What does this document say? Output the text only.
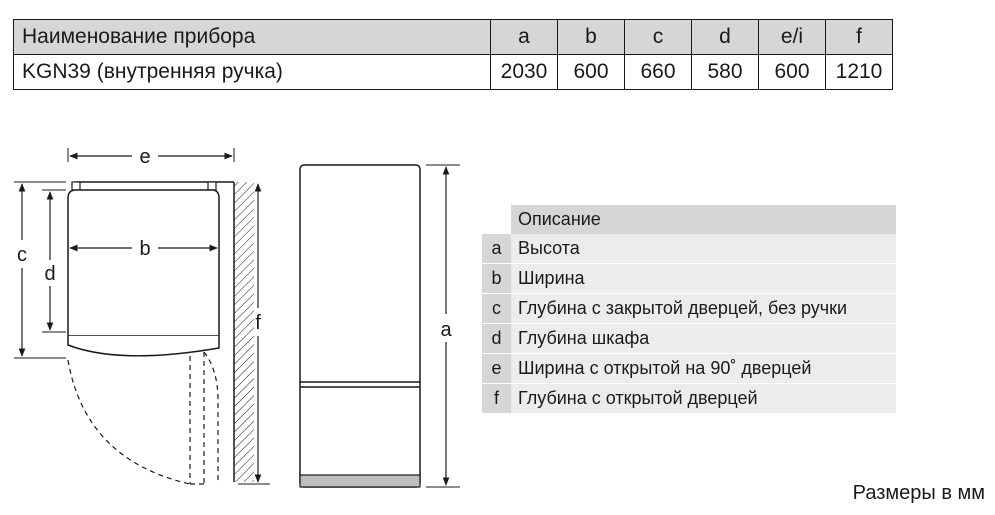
Наименование прибора	a	b	c	d	e/i	f
KGN39 (внутренняя ручка)	2030	600	660	580	600	1210
e
b
c
d
f	a
Описание
a Высота
b Ширина
c Глубина с закрытой дверцей, без ручки
d Глубина шкафа
e Ширина с открытой на 90˚ дверцей
f	Глубина с открытой дверцей
Размеры в мм
